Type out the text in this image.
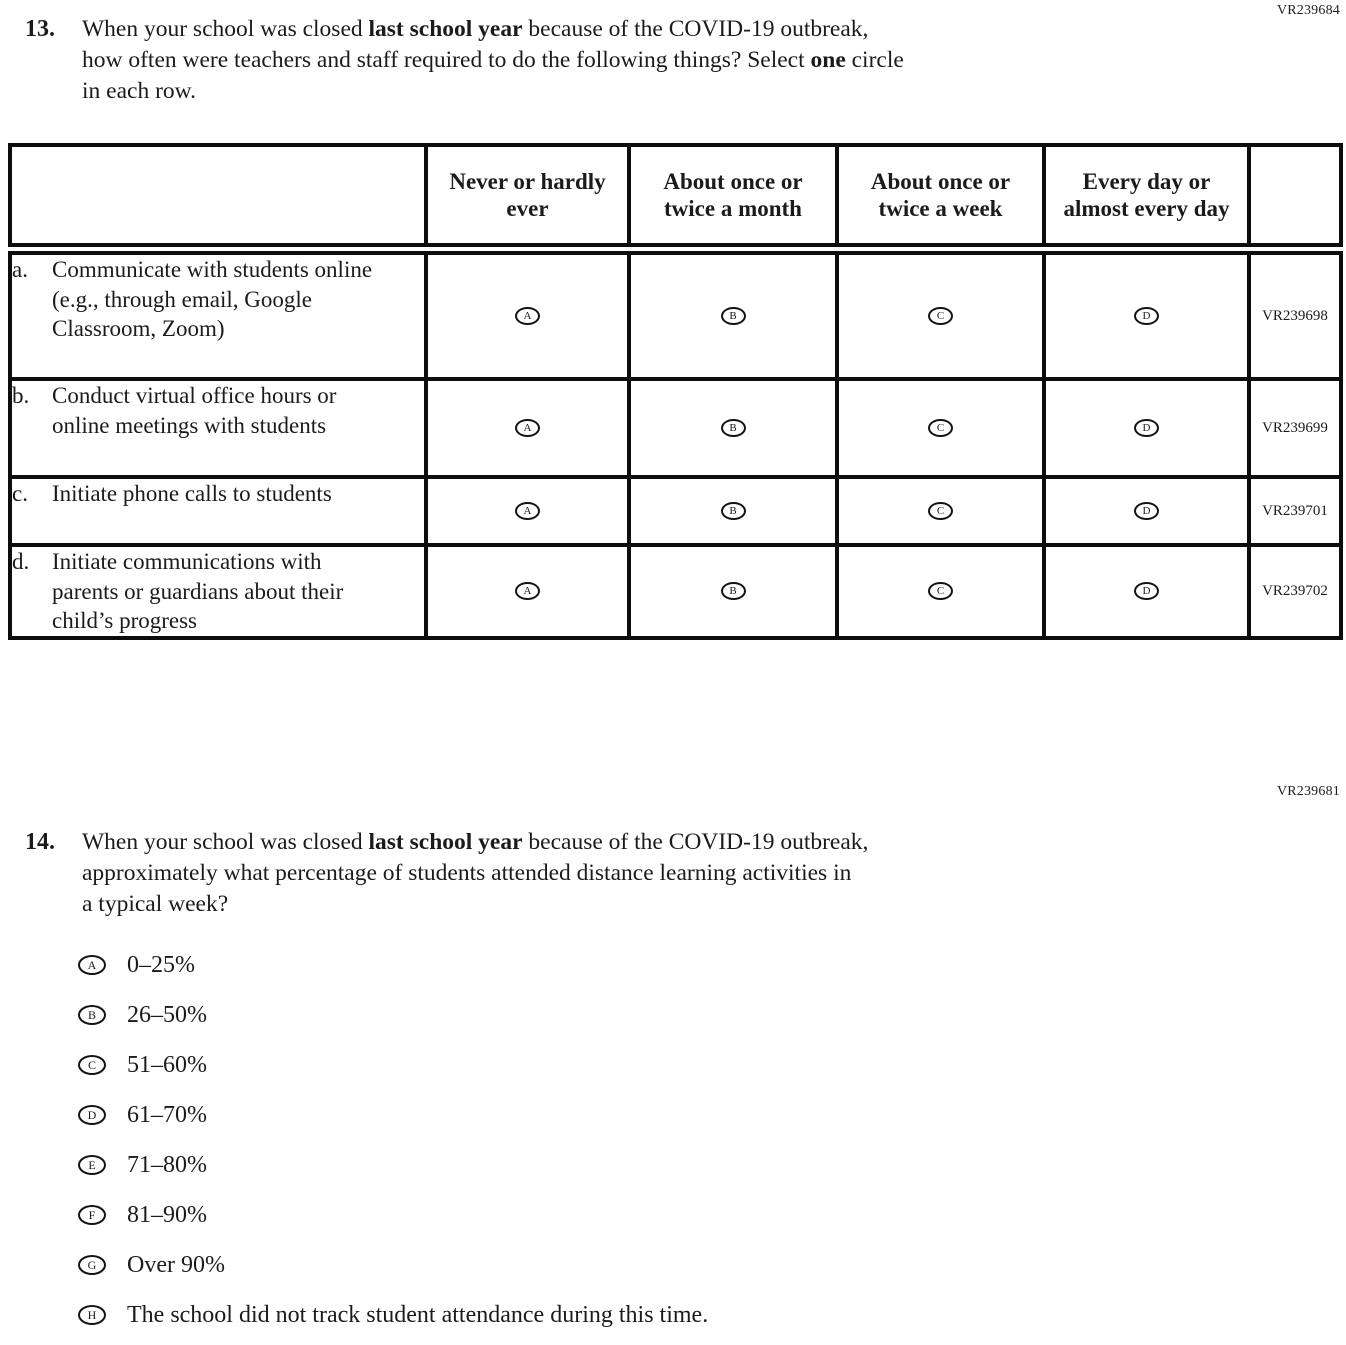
VR239684
13.	When your school was closed last school year because of the COVID-19 outbreak,
how often were teachers and staff required to do the following things? Select one circle
in each row.
	Never or hardly ever	About once or twice a month	About once or twice a week	Every day or almost every day	

a. Communicate with students online (e.g., through email, Google Classroom, Zoom)	A	B	C	D	VR239698

b. Conduct virtual office hours or online meetings with students	A	B	C	D	VR239699

c. Initiate phone calls to students	A	B	C	D	VR239701

d. Initiate communications with parents or guardians about their child’s progress	A	B	C	D	VR239702
VR239681
14.	When your school was closed last school year because of the COVID-19 outbreak,
approximately what percentage of students attended distance learning activities in
a typical week?
A	0–25%
B	26–50%
C	51–60%
D	61–70%
E	71–80%
F	81–90%
G	Over 90%
H	The school did not track student attendance during this time.
